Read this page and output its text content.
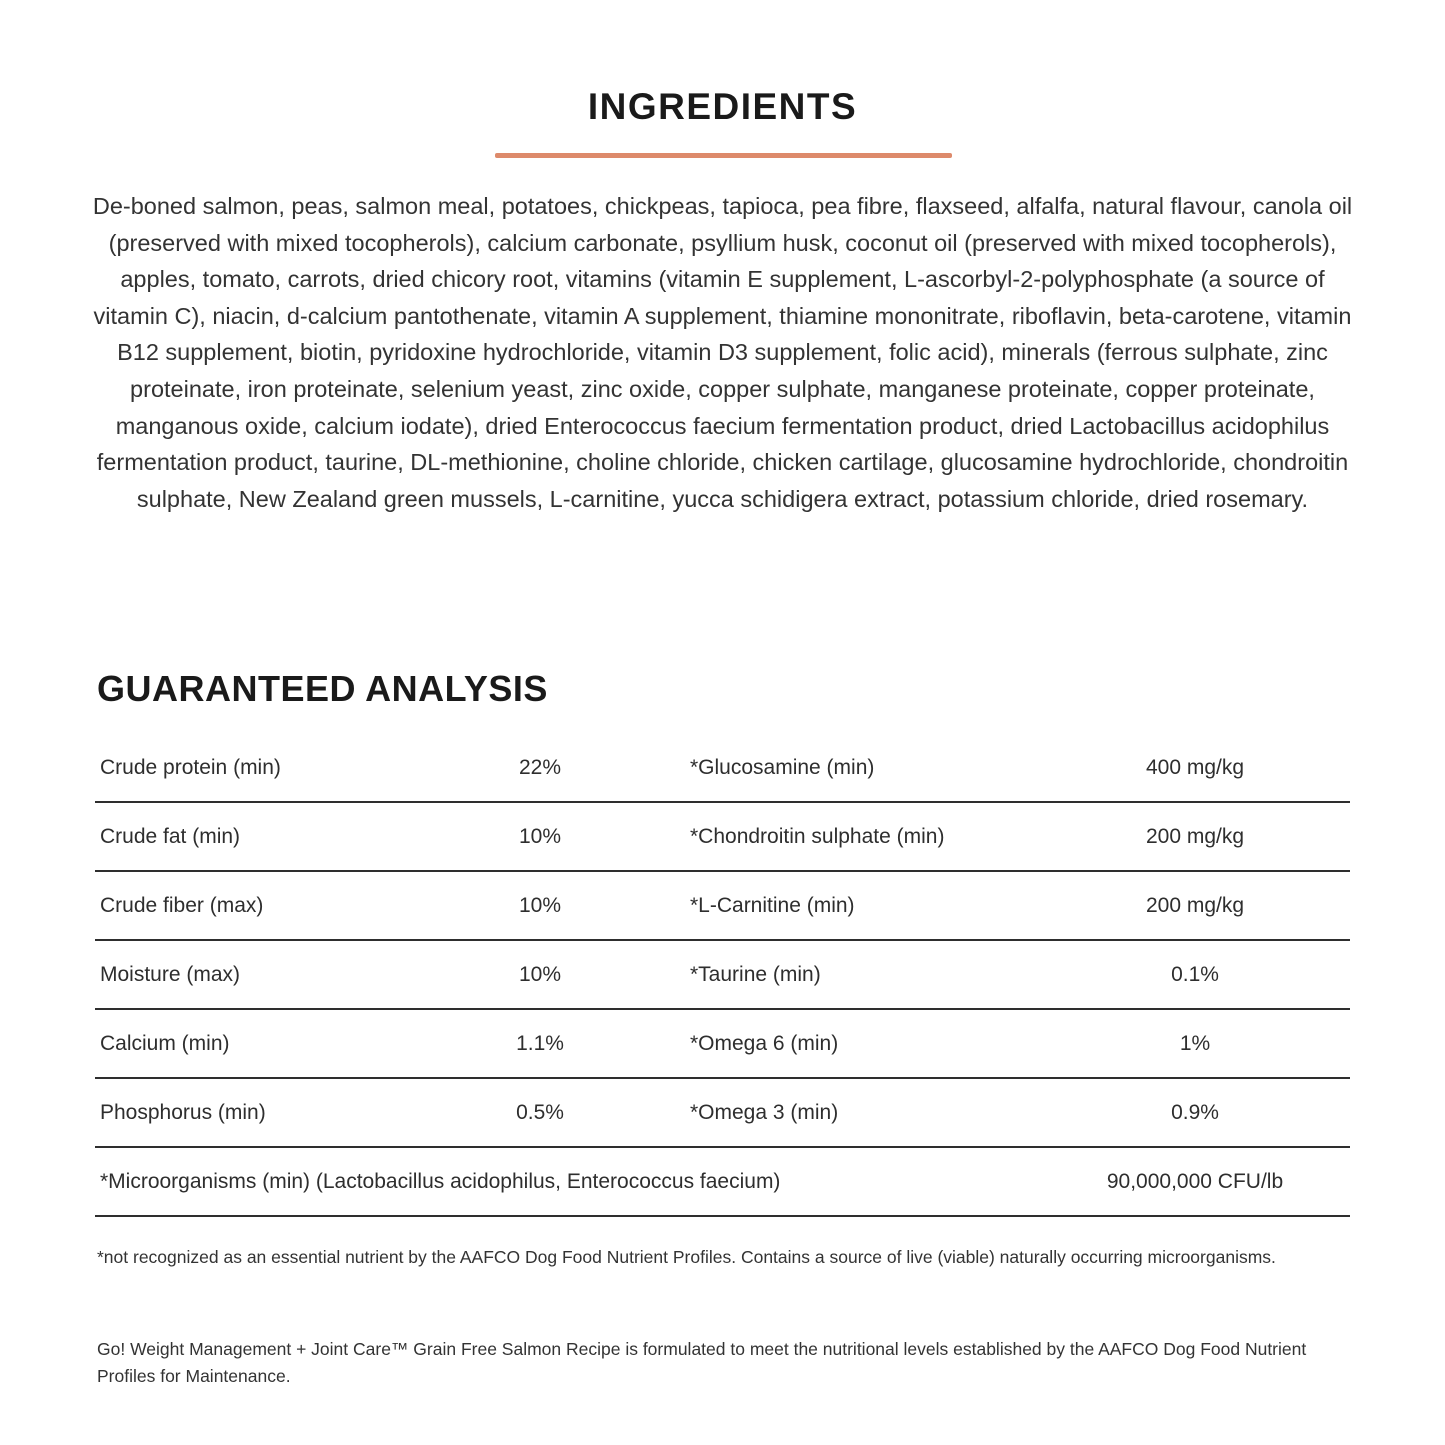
INGREDIENTS

De-boned salmon, peas, salmon meal, potatoes, chickpeas, tapioca, pea fibre, flaxseed, alfalfa, natural flavour, canola oil (preserved with mixed tocopherols), calcium carbonate, psyllium husk, coconut oil (preserved with mixed tocopherols), apples, tomato, carrots, dried chicory root, vitamins (vitamin E supplement, L-ascorbyl-2-polyphosphate (a source of vitamin C), niacin, d-calcium pantothenate, vitamin A supplement, thiamine mononitrate, riboflavin, beta-carotene, vitamin B12 supplement, biotin, pyridoxine hydrochloride, vitamin D3 supplement, folic acid), minerals (ferrous sulphate, zinc proteinate, iron proteinate, selenium yeast, zinc oxide, copper sulphate, manganese proteinate, copper proteinate, manganous oxide, calcium iodate), dried Enterococcus faecium fermentation product, dried Lactobacillus acidophilus fermentation product, taurine, DL-methionine, choline chloride, chicken cartilage, glucosamine hydrochloride, chondroitin sulphate, New Zealand green mussels, L-carnitine, yucca schidigera extract, potassium chloride, dried rosemary.

GUARANTEED ANALYSIS
Crude protein (min)	22%	*Glucosamine (min)	400 mg/kg
Crude fat (min)	10%	*Chondroitin sulphate (min)	200 mg/kg
Crude fiber (max)	10%	*L-Carnitine (min)	200 mg/kg
Moisture (max)	10%	*Taurine (min)	0.1%
Calcium (min)	1.1%	*Omega 6 (min)	1%
Phosphorus (min)	0.5%	*Omega 3 (min)	0.9%
*Microorganisms (min) (Lactobacillus acidophilus, Enterococcus faecium)	90,000,000 CFU/lb

*not recognized as an essential nutrient by the AAFCO Dog Food Nutrient Profiles. Contains a source of live (viable) naturally occurring microorganisms.

Go! Weight Management + Joint Care™ Grain Free Salmon Recipe is formulated to meet the nutritional levels established by the AAFCO Dog Food Nutrient Profiles for Maintenance.
